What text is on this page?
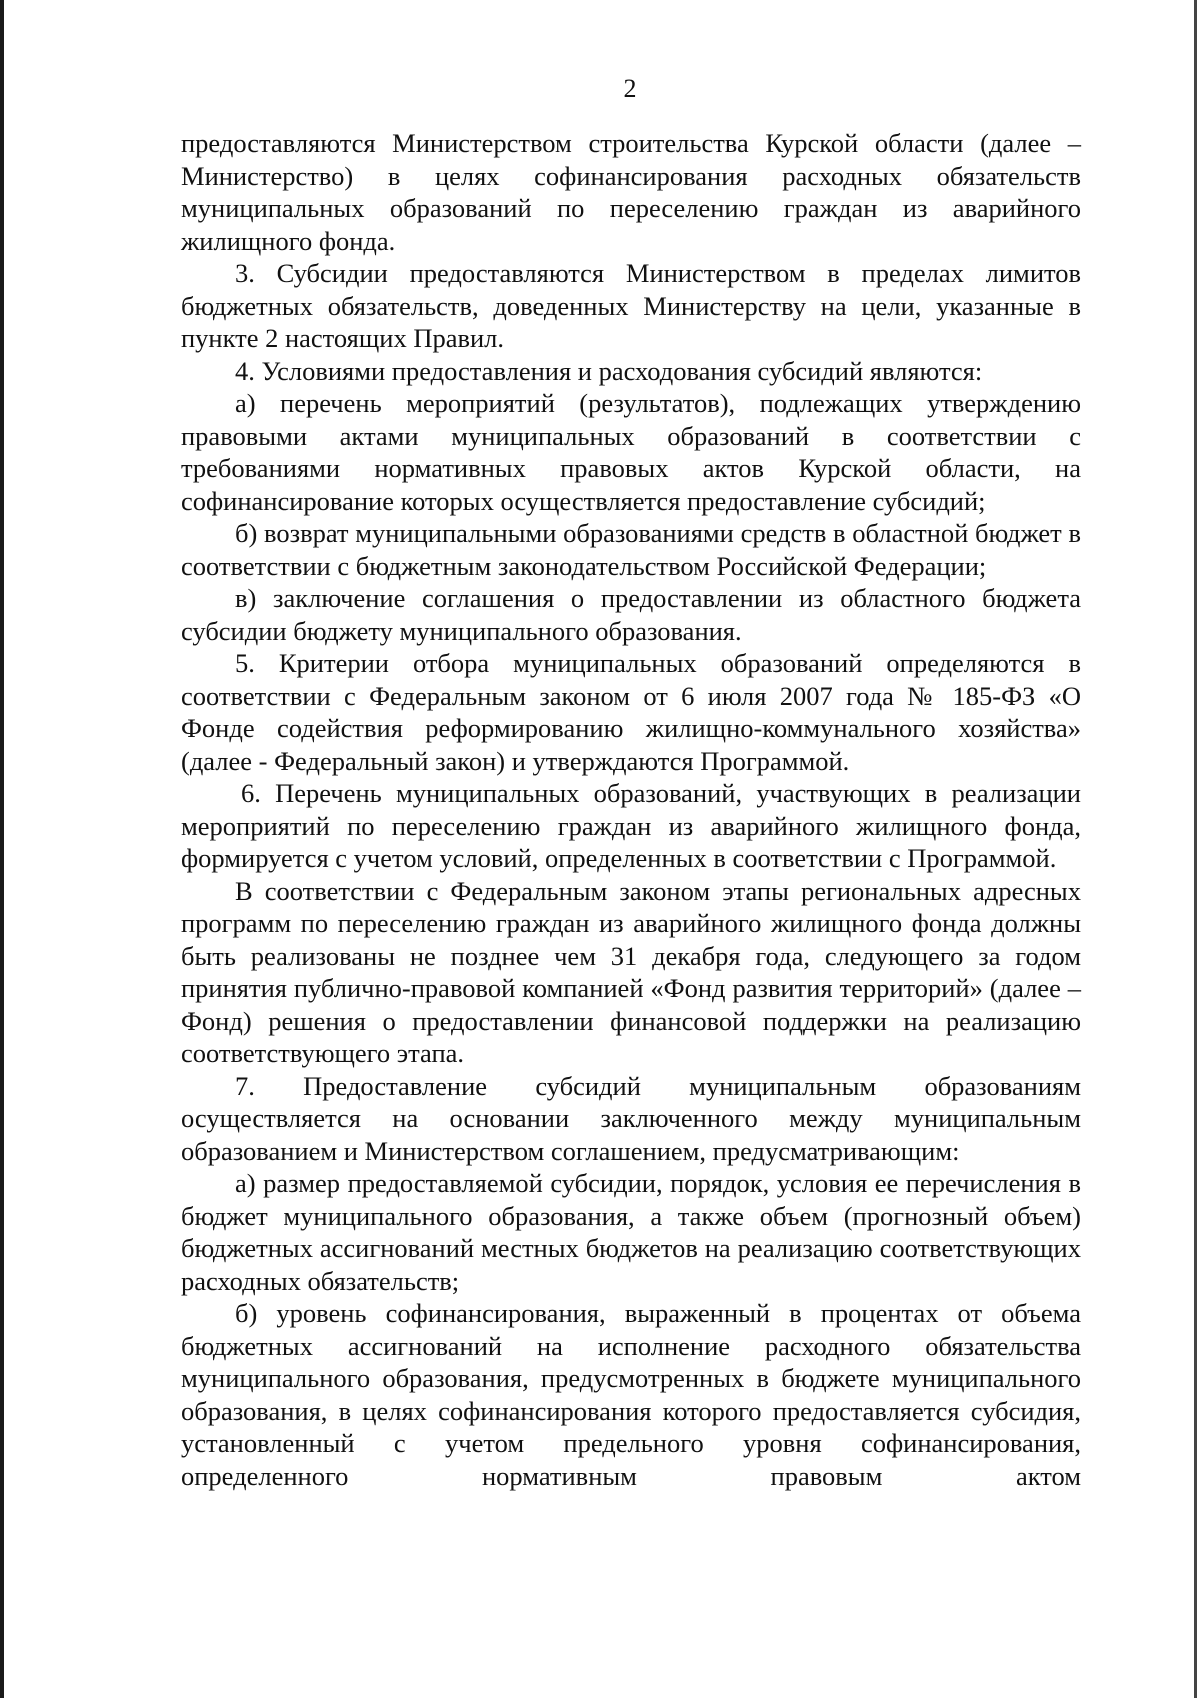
2

предоставляются Министерством строительства Курской области (далее – Министерство) в целях софинансирования расходных обязательств муниципальных образований по переселению граждан из аварийного жилищного фонда.

3. Субсидии предоставляются Министерством в пределах лимитов бюджетных обязательств, доведенных Министерству на цели, указанные в пункте 2 настоящих Правил.

4. Условиями предоставления и расходования субсидий являются:

а) перечень мероприятий (результатов), подлежащих утверждению правовыми актами муниципальных образований в соответствии с требованиями нормативных правовых актов Курской области, на софинансирование которых осуществляется предоставление субсидий;

б) возврат муниципальными образованиями средств в областной бюджет в соответствии с бюджетным законодательством Российской Федерации;

в) заключение соглашения о предоставлении из областного бюджета субсидии бюджету муниципального образования.

5. Критерии отбора муниципальных образований определяются в соответствии с Федеральным законом от 6 июля 2007 года № 185-ФЗ «О Фонде содействия реформированию жилищно-коммунального хозяйства» (далее - Федеральный закон) и утверждаются Программой.

6. Перечень муниципальных образований, участвующих в реализации мероприятий по переселению граждан из аварийного жилищного фонда, формируется с учетом условий, определенных в соответствии с Программой.

В соответствии с Федеральным законом этапы региональных адресных программ по переселению граждан из аварийного жилищного фонда должны быть реализованы не позднее чем 31 декабря года, следующего за годом принятия публично-правовой компанией «Фонд развития территорий» (далее – Фонд) решения о предоставлении финансовой поддержки на реализацию соответствующего этапа.

7. Предоставление субсидий муниципальным образованиям осуществляется на основании заключенного между муниципальным образованием и Министерством соглашением, предусматривающим:

а) размер предоставляемой субсидии, порядок, условия ее перечисления в бюджет муниципального образования, а также объем (прогнозный объем) бюджетных ассигнований местных бюджетов на реализацию соответствующих расходных обязательств;

б) уровень софинансирования, выраженный в процентах от объема бюджетных ассигнований на исполнение расходного обязательства муниципального образования, предусмотренных в бюджете муниципального образования, в целях софинансирования которого предоставляется субсидия, установленный с учетом предельного уровня софинансирования, определенного нормативным правовым актом
